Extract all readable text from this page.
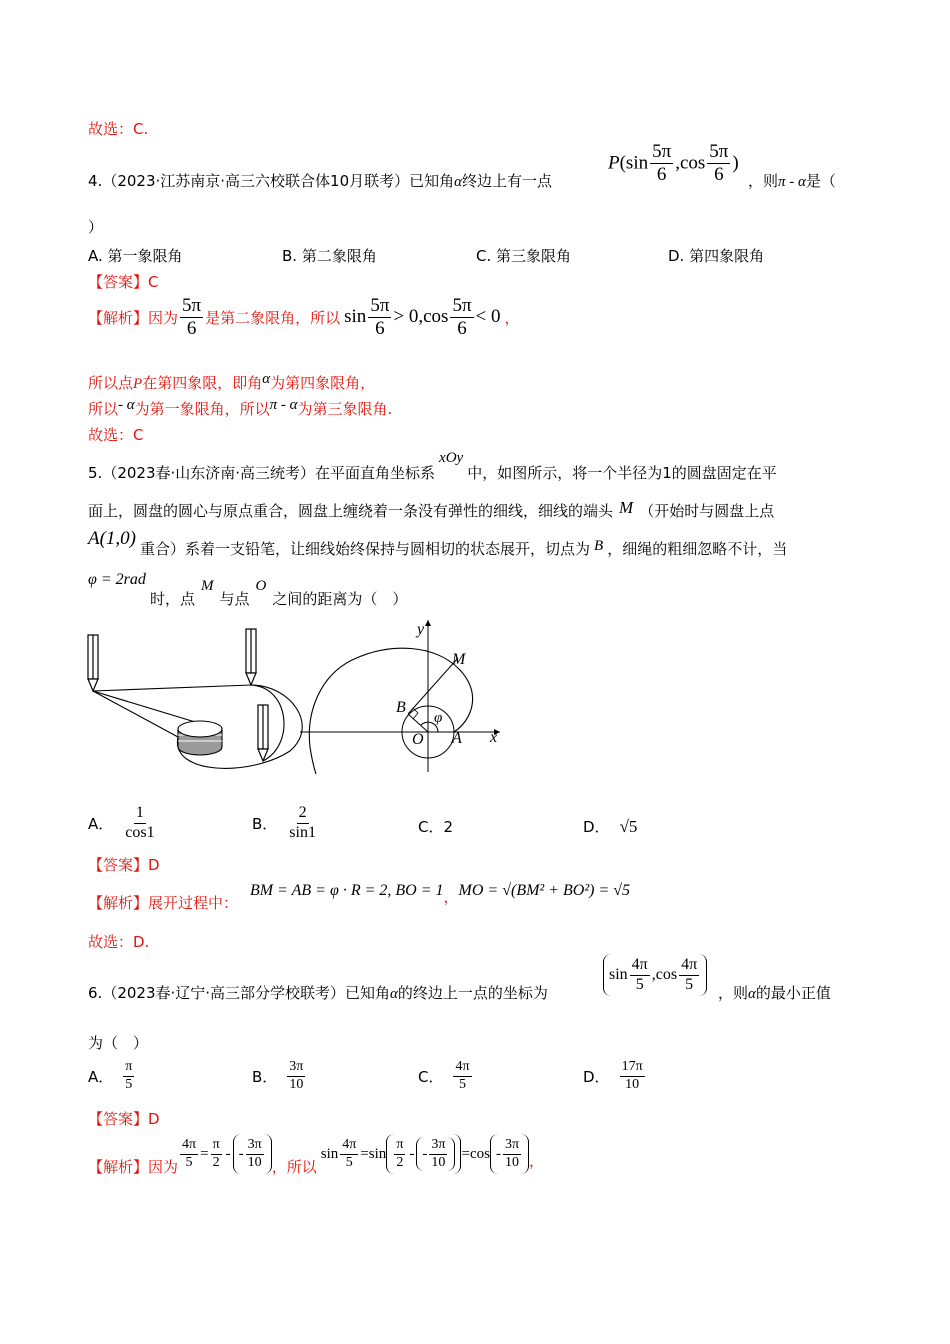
故选：C.
4.（2023·江苏南京·高三六校联合体10月联考）已知角α终边上有一点
$P(\sin \frac{5\pi}{6} ,\cos \frac{5\pi}{6}$ )
，则π - α是（
）
A. 第一象限角	B. 第二象限角	C. 第三象限角	D. 第四象限角
【答案】C
【解析】因为 $\frac{5\pi}{6}$ 是第二象限角，所以 $\sin \frac{5\pi}{6} > 0,\cos \frac{5\pi}{6} < 0$ ，
所以点P在第四象限，即角α为第四象限角，
所以- α为第一象限角，所以π - α为第三象限角.
故选：C
5.（2023春·山东济南·高三统考）在平面直角坐标系xOy中，如图所示，将一个半径为1的圆盘固定在平
面上，圆盘的圆心与原点重合，圆盘上缠绕着一条没有弹性的细线，细线的端头 M （开始时与圆盘上点
A(1,0) 重合）系着一支铅笔，让细线始终保持与圆相切的状态展开，切点为 B ，细绳的粗细忽略不计，当
φ = 2rad
时，点M与点O之间的距离为（　）
y
x
M
B
φ
O A
A． $\frac{1}{\cos 1}$	B． $\frac{2}{\sin 1}$	C．2	D． √5
【答案】D
【解析】展开过程中：
BM = AB = φ · R = 2, BO = 1 ， MO = √(BM² + BO²) = √5
故选：D.
6.（2023春·辽宁·高三部分学校联考）已知角α的终边上一点的坐标为
$\sin \frac{4\pi}{5} ,\cos \frac{4\pi}{5}$ ，则α的最小正值
为（　）
A． $\frac{\pi}{5}$	B． $\frac{3\pi}{10}$	C． $\frac{4\pi}{5}$	D． $\frac{17\pi}{10}$
【答案】D
【解析】因为 $\frac{4\pi}{5} = \frac{\pi}{2}$ - - $\frac{3\pi}{10}$ ，所以
$\sin \frac{4\pi}{5} = \sin \frac{\pi}{2}$ - - $\frac{3\pi}{10} = \cos - \frac{3\pi}{10}$ ，
